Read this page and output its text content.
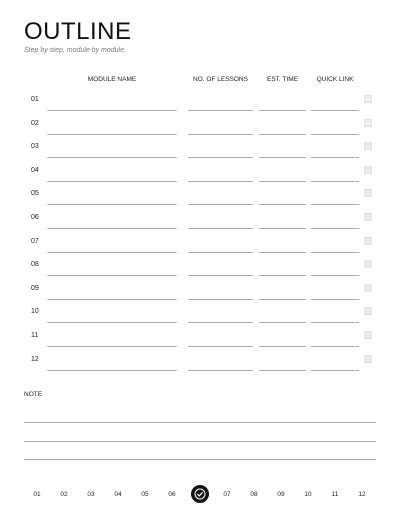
OUTLINE
Step by step, module by module.
MODULE NAME	NO. OF LESSONS	EST. TIME	QUICK LINK
01
02
03
04
05
06
07
08
09
10
11
12
NOTE
01	02	03	04	05	06	07	08	09	10	11	12
